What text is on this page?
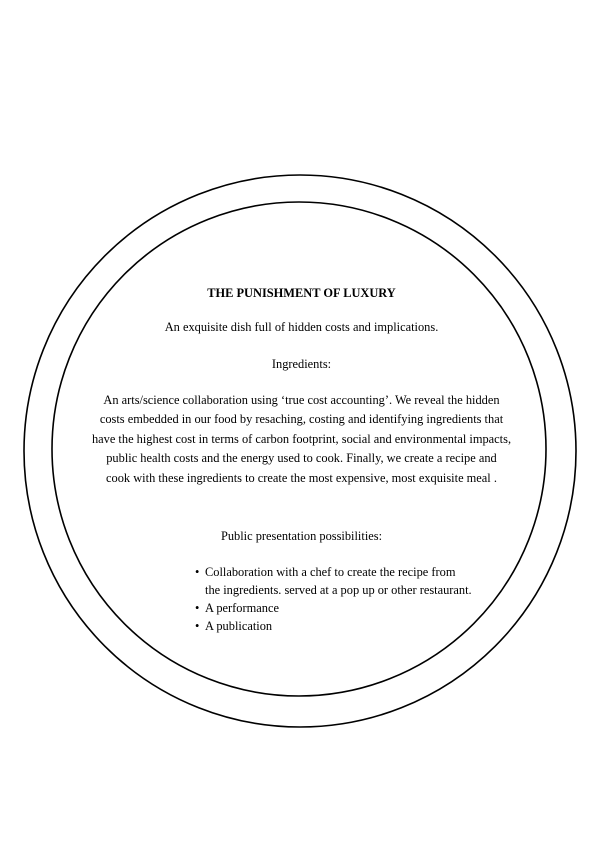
THE PUNISHMENT OF LUXURY

An exquisite dish full of hidden costs and implications.

Ingredients:

An arts/science collaboration using ‘true cost accounting’. We reveal the hidden
costs embedded in our food by resaching, costing and identifying ingredients that
have the highest cost in terms of carbon footprint, social and environmental impacts,
public health costs and the energy used to cook. Finally, we create a recipe and
cook with these ingredients to create the most expensive, most exquisite meal .

Public presentation possibilities:

• Collaboration with a chef to create the recipe from
the ingredients. served at a pop up or other restaurant.
• A performance
• A publication
